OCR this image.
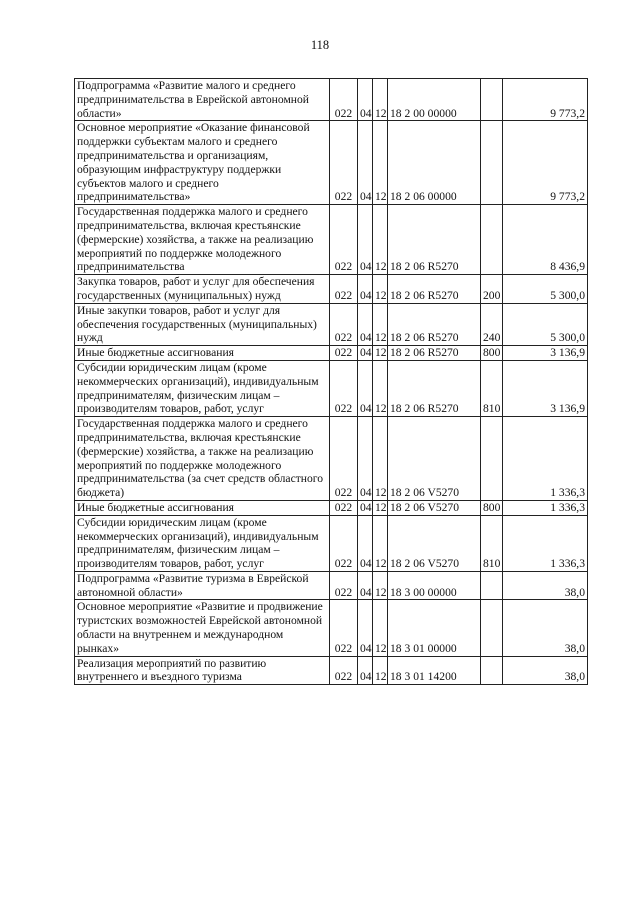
118
Подпрограмма «Развитие малого и среднего предпринимательства в Еврейской автономной области»	022	04	12	18 2 00 00000		9 773,2
Основное мероприятие «Оказание финансовой поддержки субъектам малого и среднего предпринимательства и организациям, образующим инфраструктуру поддержки субъектов малого и среднего предпринимательства»	022	04	12	18 2 06 00000		9 773,2
Государственная поддержка малого и среднего предпринимательства, включая крестьянские (фермерские) хозяйства, а также на реализацию мероприятий по поддержке молодежного предпринимательства	022	04	12	18 2 06 R5270		8 436,9
Закупка товаров, работ и услуг для обеспечения государственных (муниципальных) нужд	022	04	12	18 2 06 R5270	200	5 300,0
Иные закупки товаров, работ и услуг для обеспечения государственных (муниципальных) нужд	022	04	12	18 2 06 R5270	240	5 300,0
Иные бюджетные ассигнования	022	04	12	18 2 06 R5270	800	3 136,9
Субсидии юридическим лицам (кроме некоммерческих организаций), индивидуальным предпринимателям, физическим лицам – производителям товаров, работ, услуг	022	04	12	18 2 06 R5270	810	3 136,9
Государственная поддержка малого и среднего предпринимательства, включая крестьянские (фермерские) хозяйства, а также на реализацию мероприятий по поддержке молодежного предпринимательства (за счет средств областного бюджета)	022	04	12	18 2 06 V5270		1 336,3
Иные бюджетные ассигнования	022	04	12	18 2 06 V5270	800	1 336,3
Субсидии юридическим лицам (кроме некоммерческих организаций), индивидуальным предпринимателям, физическим лицам – производителям товаров, работ, услуг	022	04	12	18 2 06 V5270	810	1 336,3
Подпрограмма «Развитие туризма в Еврейской автономной области»	022	04	12	18 3 00 00000		38,0
Основное мероприятие «Развитие и продвижение туристских возможностей Еврейской автономной области на внутреннем и международном рынках»	022	04	12	18 3 01 00000		38,0
Реализация мероприятий по развитию внутреннего и въездного туризма	022	04	12	18 3 01 14200		38,0
